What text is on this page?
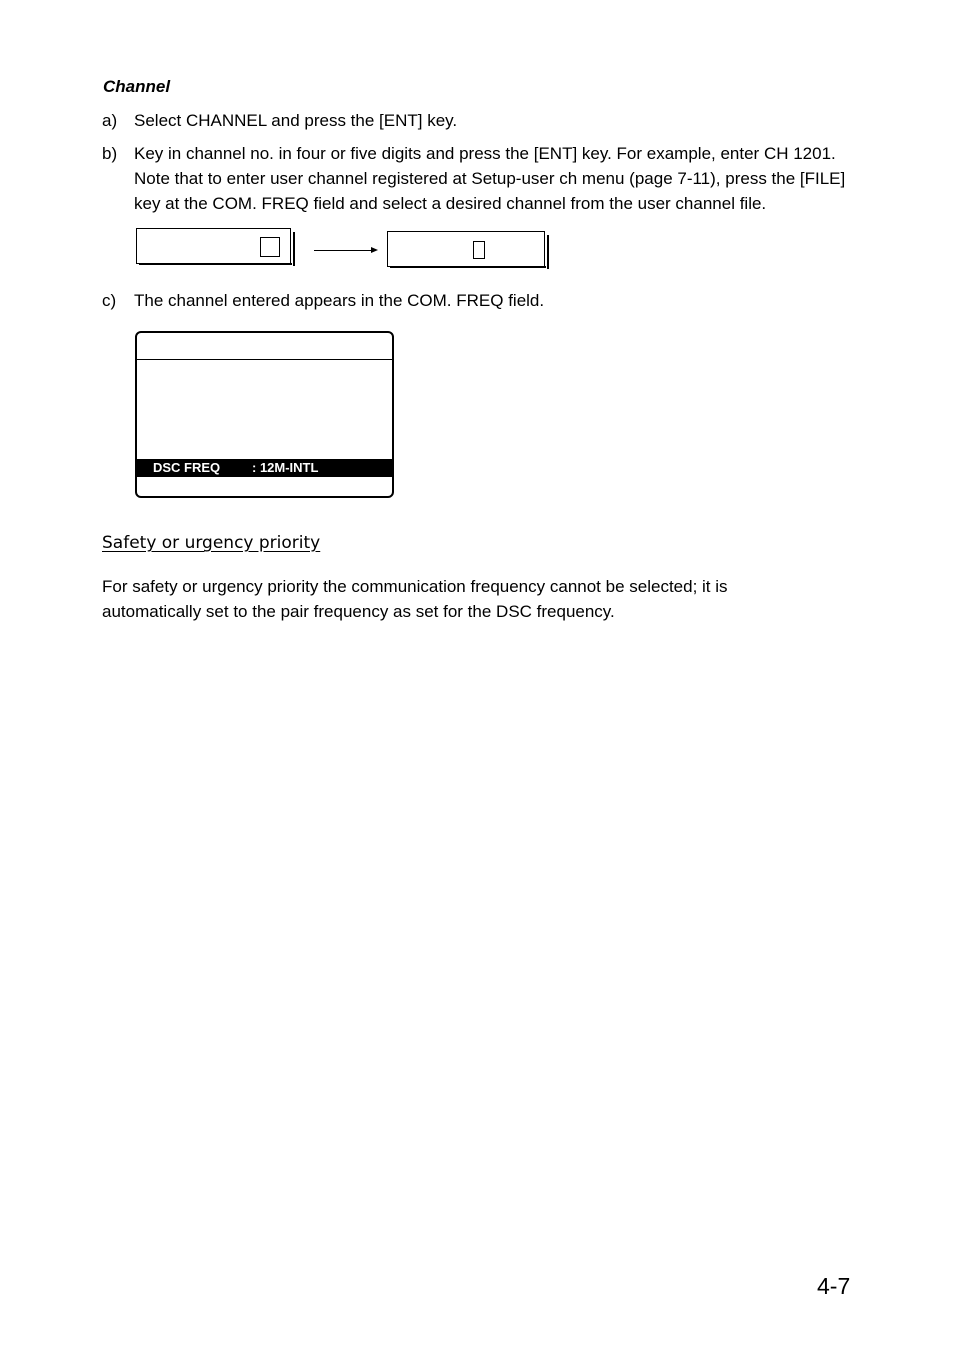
Channel
a) Select CHANNEL and press the [ENT] key.
b) Key in channel no. in four or five digits and press the [ENT] key. For example, enter CH 1201. Note that to enter user channel registered at Setup-user ch menu (page 7-11), press the [FILE] key at the COM. FREQ field and select a desired channel from the user channel file.
c) The channel entered appears in the COM. FREQ field.
DSC FREQ : 12M-INTL
Safety or urgency priority
For safety or urgency priority the communication frequency cannot be selected; it is automatically set to the pair frequency as set for the DSC frequency.
4-7
